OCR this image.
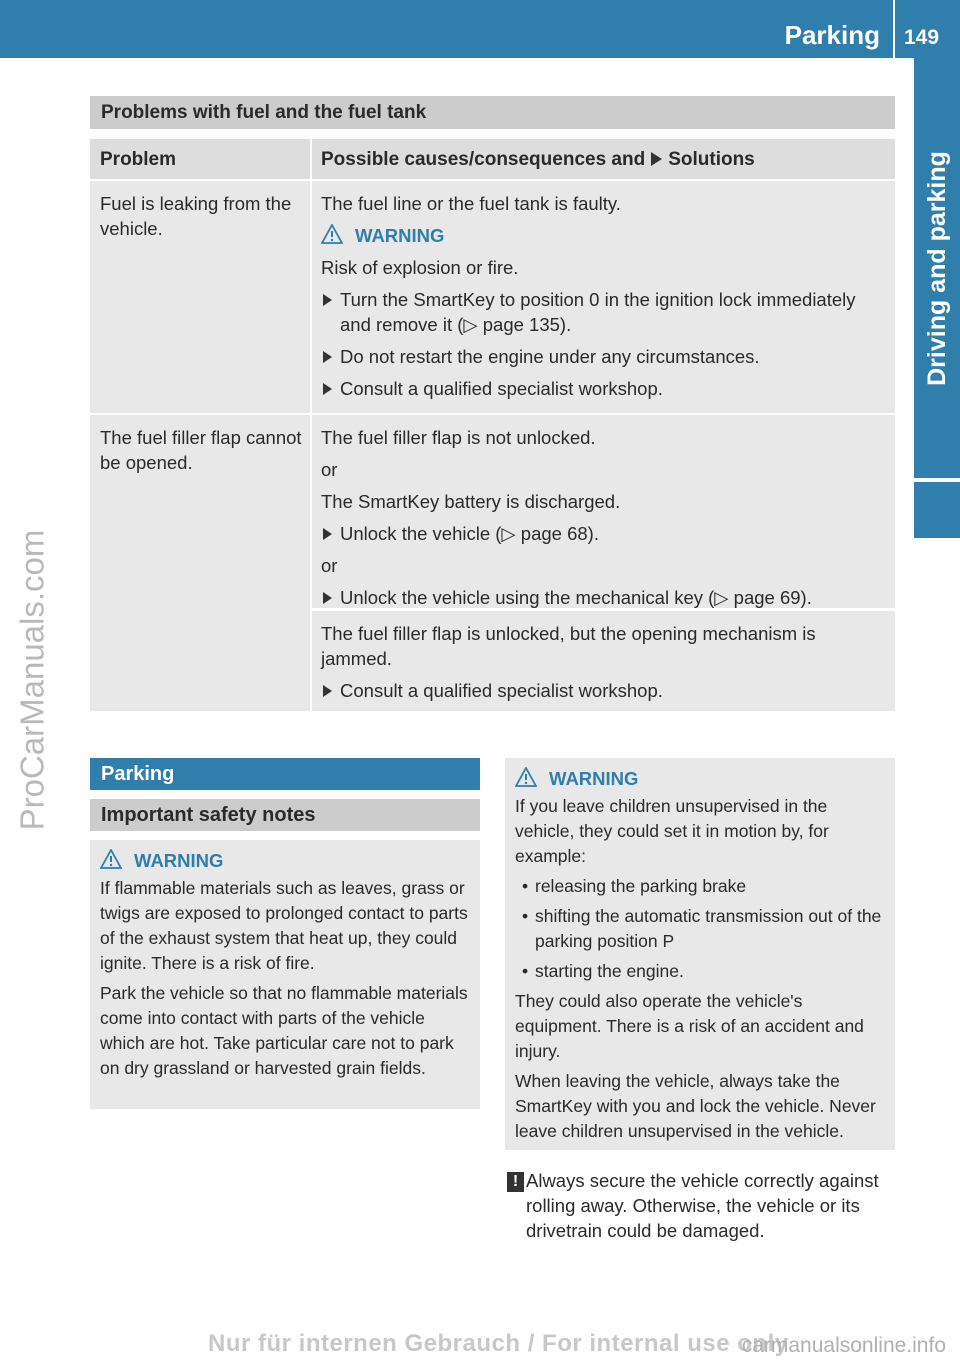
Parking 149
Driving and parking
ProCarManuals.com
Problems with fuel and the fuel tank
Problem	Possible causes/consequences and Solutions

Fuel is leaking from the vehicle.

The fuel line or the fuel tank is faulty.

WARNING

Risk of explosion or fire.

Turn the SmartKey to position 0 in the ignition lock immediately and remove it (▷ page 135).

Do not restart the engine under any circumstances.

Consult a qualified specialist workshop.

The fuel filler flap cannot be opened.

The fuel filler flap is not unlocked.

or

The SmartKey battery is discharged.

Unlock the vehicle (▷ page 68).

or

Unlock the vehicle using the mechanical key (▷ page 69).

The fuel filler flap is unlocked, but the opening mechanism is jammed.

Consult a qualified specialist workshop.

Parking
Important safety notes
WARNING

If flammable materials such as leaves, grass or twigs are exposed to prolonged contact to parts of the exhaust system that heat up, they could ignite. There is a risk of fire.

Park the vehicle so that no flammable materials come into contact with parts of the vehicle which are hot. Take particular care not to park on dry grassland or harvested grain fields.

WARNING

If you leave children unsupervised in the vehicle, they could set it in motion by, for example:

• releasing the parking brake

• shifting the automatic transmission out of the parking position P

• starting the engine.

They could also operate the vehicle's equipment. There is a risk of an accident and injury.

When leaving the vehicle, always take the SmartKey with you and lock the vehicle. Never leave children unsupervised in the vehicle.

! Always secure the vehicle correctly against rolling away. Otherwise, the vehicle or its drivetrain could be damaged.

Nur für internen Gebrauch / For internal use only
carmanualsonline.info
